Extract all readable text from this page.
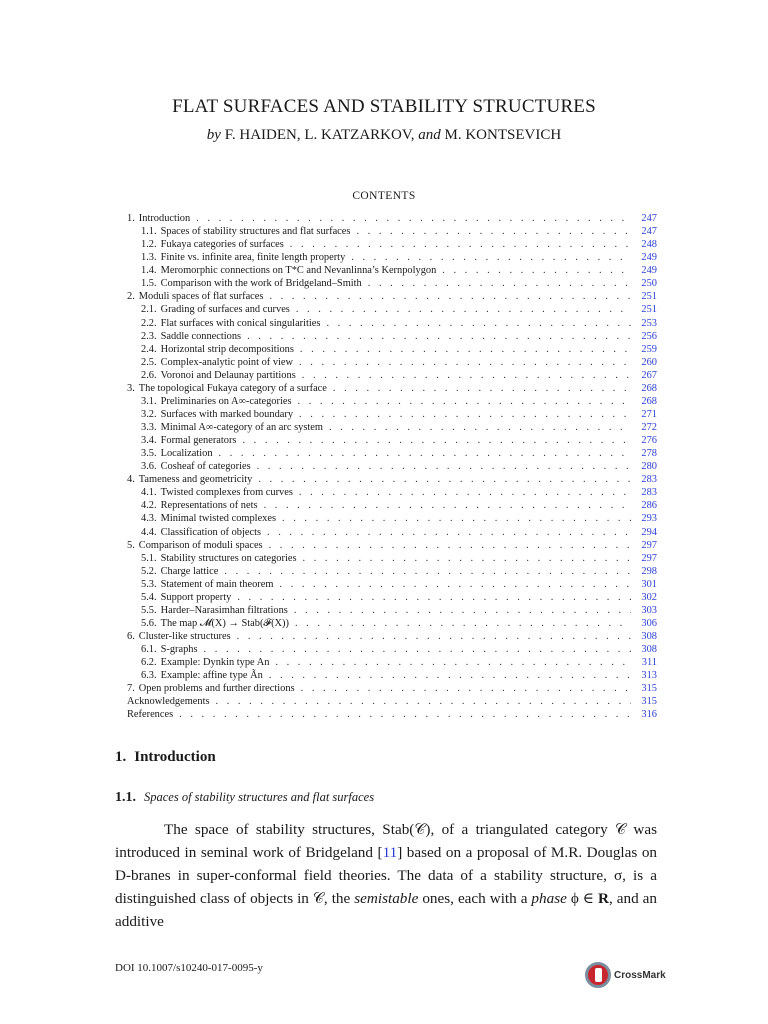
FLAT SURFACES AND STABILITY STRUCTURES
by F. HAIDEN, L. KATZARKOV, and M. KONTSEVICH
CONTENTS
1. Introduction . . .	247
1.1. Spaces of stability structures and flat surfaces . . .	247
1.2. Fukaya categories of surfaces . . .	248
1.3. Finite vs. infinite area, finite length property . . .	249
1.4. Meromorphic connections on T*C and Nevanlinna’s Kernpolygon . . .	249
1.5. Comparison with the work of Bridgeland–Smith . . .	250
2. Moduli spaces of flat surfaces . . .	251
2.1. Grading of surfaces and curves . . .	251
2.2. Flat surfaces with conical singularities . . .	253
2.3. Saddle connections . . .	256
2.4. Horizontal strip decompositions . . .	259
2.5. Complex-analytic point of view . . .	260
2.6. Voronoi and Delaunay partitions . . .	267
3. The topological Fukaya category of a surface . . .	268
3.1. Preliminaries on A∞-categories . . .	268
3.2. Surfaces with marked boundary . . .	271
3.3. Minimal A∞-category of an arc system . . .	272
3.4. Formal generators . . .	276
3.5. Localization . . .	278
3.6. Cosheaf of categories . . .	280
4. Tameness and geometricity . . .	283
4.1. Twisted complexes from curves . . .	283
4.2. Representations of nets . . .	286
4.3. Minimal twisted complexes . . .	293
4.4. Classification of objects . . .	294
5. Comparison of moduli spaces . . .	297
5.1. Stability structures on categories . . .	297
5.2. Charge lattice . . .	298
5.3. Statement of main theorem . . .	301
5.4. Support property . . .	302
5.5. Harder–Narasimhan filtrations . . .	303
5.6. The map 𝓜(X) → Stab(𝓕(X)) . . .	306
6. Cluster-like structures . . .	308
6.1. S-graphs . . .	308
6.2. Example: Dynkin type An . . .	311
6.3. Example: affine type Ãn . . .	313
7. Open problems and further directions . . .	315
Acknowledgements . . .	315
References . . .	316
1. Introduction
1.1. Spaces of stability structures and flat surfaces
The space of stability structures, Stab(𝒞), of a triangulated category 𝒞 was introduced in seminal work of Bridgeland [11] based on a proposal of M.R. Douglas on D-branes in super-conformal field theories. The data of a stability structure, σ, is a distinguished class of objects in 𝒞, the semistable ones, each with a phase ϕ ∈ R, and an additive
DOI 10.1007/s10240-017-0095-y
CrossMark
